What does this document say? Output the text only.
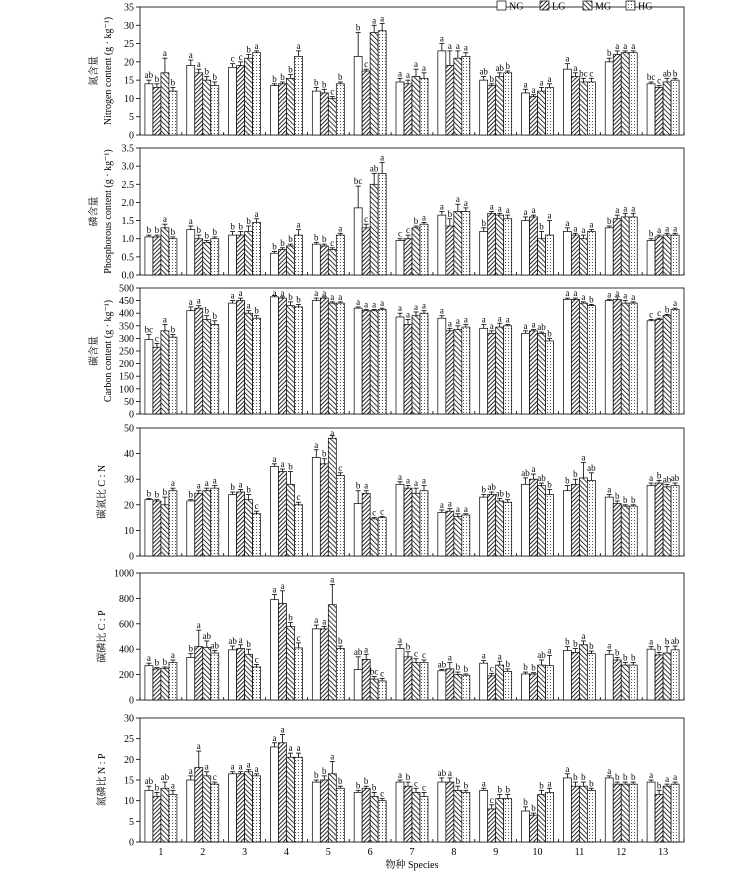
0
5
10
15
20
25
30
35
氮含量 Nitrogen content (g · kg⁻¹)	ab
a	c
b	b
b
a
a
ab
a
a
b
bc
b
a
c
b
b
c
a
a
b
a
a
a
c
a
b
b
b
c
a
a
a
ab
a
bc
a
ab
b
b
a	a
b
a
a
a
b
a
c
a
b
0.0
0.5
1.0
1.5
2.0
2.5
3.0
3.5
磷含量 Phosphorous content (g · kg⁻¹)	b
a
b
b
b
bc
c
a
b
a
a	b
b
b	b	b
b	b
c
c
b
a	a
a
a
a
a
b
b
b	c
ab
b
a
a
b	a
a
a
b	b
a
a	a
a
a
a
a
a
a
a
a
0
50
100
150
200
250
300
350
400
450
500
碳含量 Carbon content (g · kg⁻¹)	bc
a
a	a	a
a
a	a
a
a
a	a
c
c
a
a	a	a
a
a
a	a	a
a	a
c
a
b
a
b	a
a	a
a	a
ab
a	a
b
b
b
b
b	a
a	a
a	a
b
b	a
a
0
10
20
30
40
50
碳氮比 C : N	b	b
b
a
a
b
a
a
b
ab
b
a
a
b
a	a
a
b
a
a
a
ab
a
b
b
b
b
a
b
b
a
c
a
a
ab
ab
a
b
ab
a	a
c
c
c
c
a
a
b
b
ab
b
ab
0
200
400
600
800
1000
碳磷比 C : P	a
b
ab
a
a
ab
a
ab
a
b
b	a	a
b
a
a
a
a
a	b
a
c	b
b
b
b
b
ab
b
b
a
bc
c
b
a	ab
a
b
b
a
ab
c
c	b
c
c
b
b
a	b
b
ab
0
5
10
15
20
25
30
氮磷比 N : P	ab
a	a
a
b
b
a	ab
a
b
a	a	a
b
a
a
a
b
b	b	a
c
b
b	b
b
ab
a	a
a
a
b	c	b
b	b
b	b	a
a
c
a
a
b
c
c	b	b
a	b
b	a
NG	LG	MG	HG
1	2	3	4	5	6	7	8	9	10	11	12	13
物种 Species
